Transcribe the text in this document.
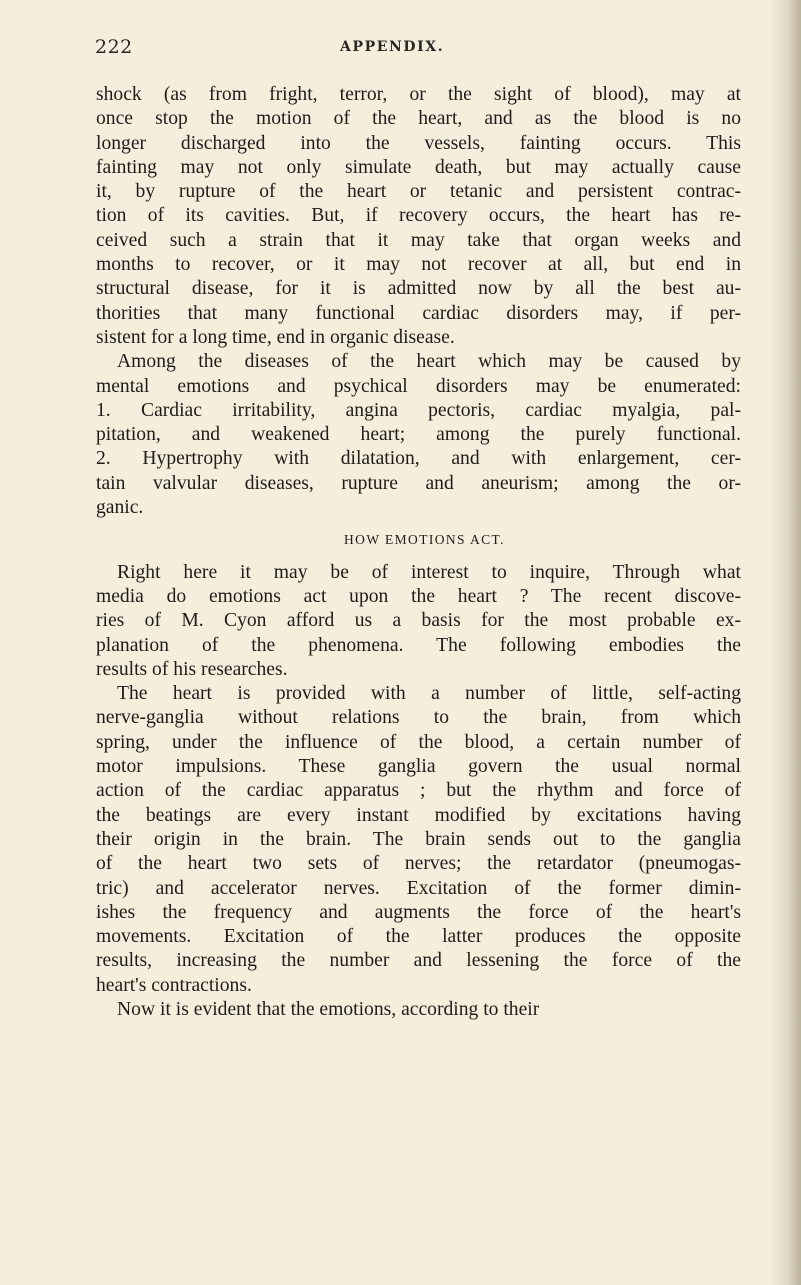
222	APPENDIX.
shock (as from fright, terror, or the sight of blood), may at
once stop the motion of the heart, and as the blood is no
longer discharged into the vessels, fainting occurs. This
fainting may not only simulate death, but may actually cause
it, by rupture of the heart or tetanic and persistent contrac-
tion of its cavities. But, if recovery occurs, the heart has re-
ceived such a strain that it may take that organ weeks and
months to recover, or it may not recover at all, but end in
structural disease, for it is admitted now by all the best au-
thorities that many functional cardiac disorders may, if per-
sistent for a long time, end in organic disease.
Among the diseases of the heart which may be caused by
mental emotions and psychical disorders may be enumerated:
1. Cardiac irritability, angina pectoris, cardiac myalgia, pal-
pitation, and weakened heart; among the purely functional.
2. Hypertrophy with dilatation, and with enlargement, cer-
tain valvular diseases, rupture and aneurism; among the or-
ganic.
HOW EMOTIONS ACT.
Right here it may be of interest to inquire, Through what
media do emotions act upon the heart ? The recent discove-
ries of M. Cyon afford us a basis for the most probable ex-
planation of the phenomena. The following embodies the
results of his researches.
The heart is provided with a number of little, self-acting
nerve-ganglia without relations to the brain, from which
spring, under the influence of the blood, a certain number of
motor impulsions. These ganglia govern the usual normal
action of the cardiac apparatus ; but the rhythm and force of
the beatings are every instant modified by excitations having
their origin in the brain. The brain sends out to the ganglia
of the heart two sets of nerves; the retardator (pneumogas-
tric) and accelerator nerves. Excitation of the former dimin-
ishes the frequency and augments the force of the heart's
movements. Excitation of the latter produces the opposite
results, increasing the number and lessening the force of the
heart's contractions.
Now it is evident that the emotions, according to their
